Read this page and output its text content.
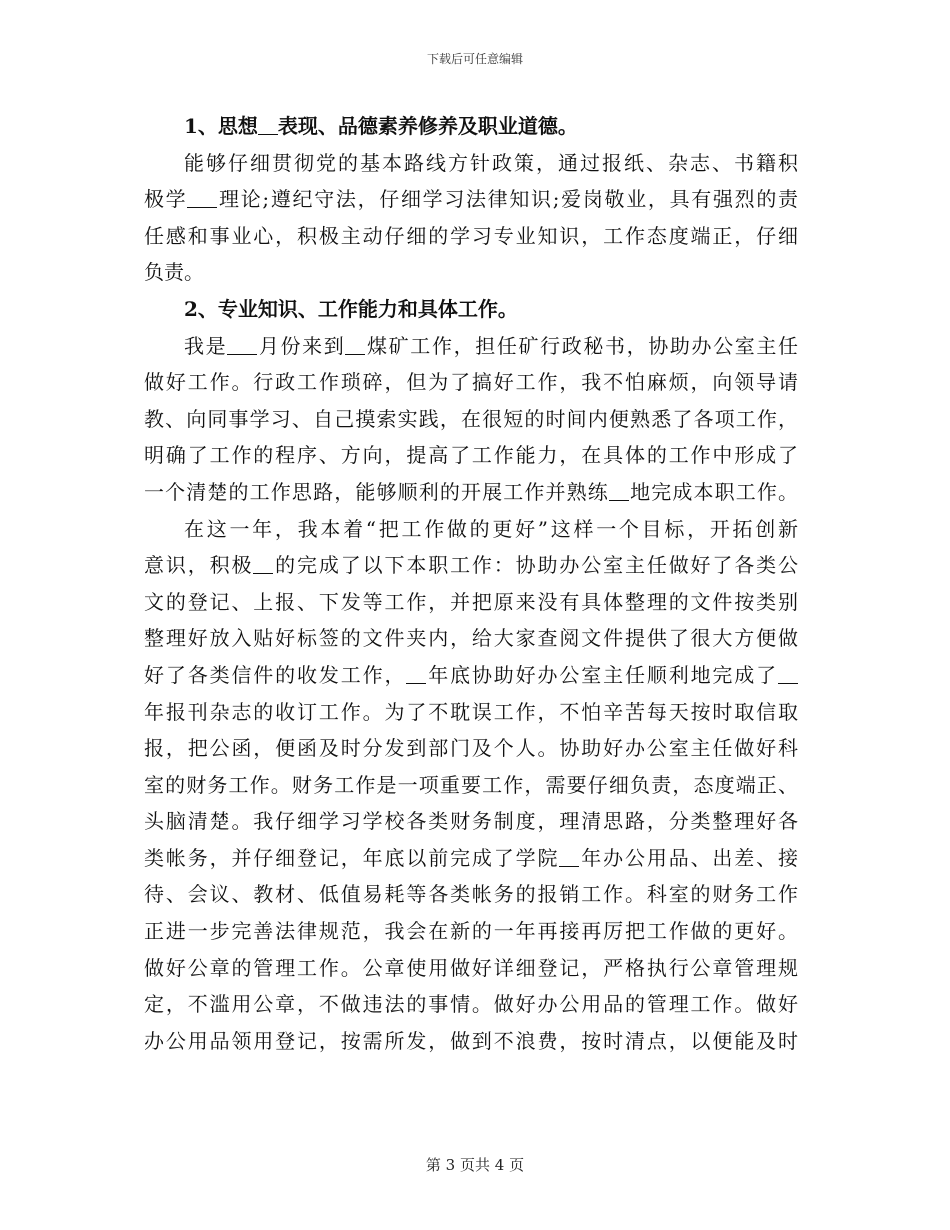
下载后可任意编辑
1、思想 表现、品德素养修养及职业道德。
能够仔细贯彻党的基本路线方针政策，通过报纸、杂志、书籍积
极学 理论;遵纪守法，仔细学习法律知识;爱岗敬业，具有强烈的责
任感和事业心，积极主动仔细的学习专业知识，工作态度端正，仔细
负责。
2、专业知识、工作能力和具体工作。
我是 月份来到 煤矿工作，担任矿行政秘书，协助办公室主任
做好工作。行政工作琐碎，但为了搞好工作，我不怕麻烦，向领导请
教、向同事学习、自己摸索实践，在很短的时间内便熟悉了各项工作，
明确了工作的程序、方向，提高了工作能力，在具体的工作中形成了
一个清楚的工作思路，能够顺利的开展工作并熟练 地完成本职工作。
在这一年，我本着“把工作做的更好”这样一个目标，开拓创新
意识，积极 的完成了以下本职工作：协助办公室主任做好了各类公
文的登记、上报、下发等工作，并把原来没有具体整理的文件按类别
整理好放入贴好标签的文件夹内，给大家查阅文件提供了很大方便做
好了各类信件的收发工作， 年底协助好办公室主任顺利地完成了
年报刊杂志的收订工作。为了不耽误工作，不怕辛苦每天按时取信取
报，把公函，便函及时分发到部门及个人。协助好办公室主任做好科
室的财务工作。财务工作是一项重要工作，需要仔细负责，态度端正、
头脑清楚。我仔细学习学校各类财务制度，理清思路，分类整理好各
类帐务，并仔细登记，年底以前完成了学院 年办公用品、出差、接
待、会议、教材、低值易耗等各类帐务的报销工作。科室的财务工作
正进一步完善法律规范，我会在新的一年再接再厉把工作做的更好。
做好公章的管理工作。公章使用做好详细登记，严格执行公章管理规
定，不滥用公章，不做违法的事情。做好办公用品的管理工作。做好
办公用品领用登记，按需所发，做到不浪费，按时清点，以便能及时
第 3 页共 4 页
